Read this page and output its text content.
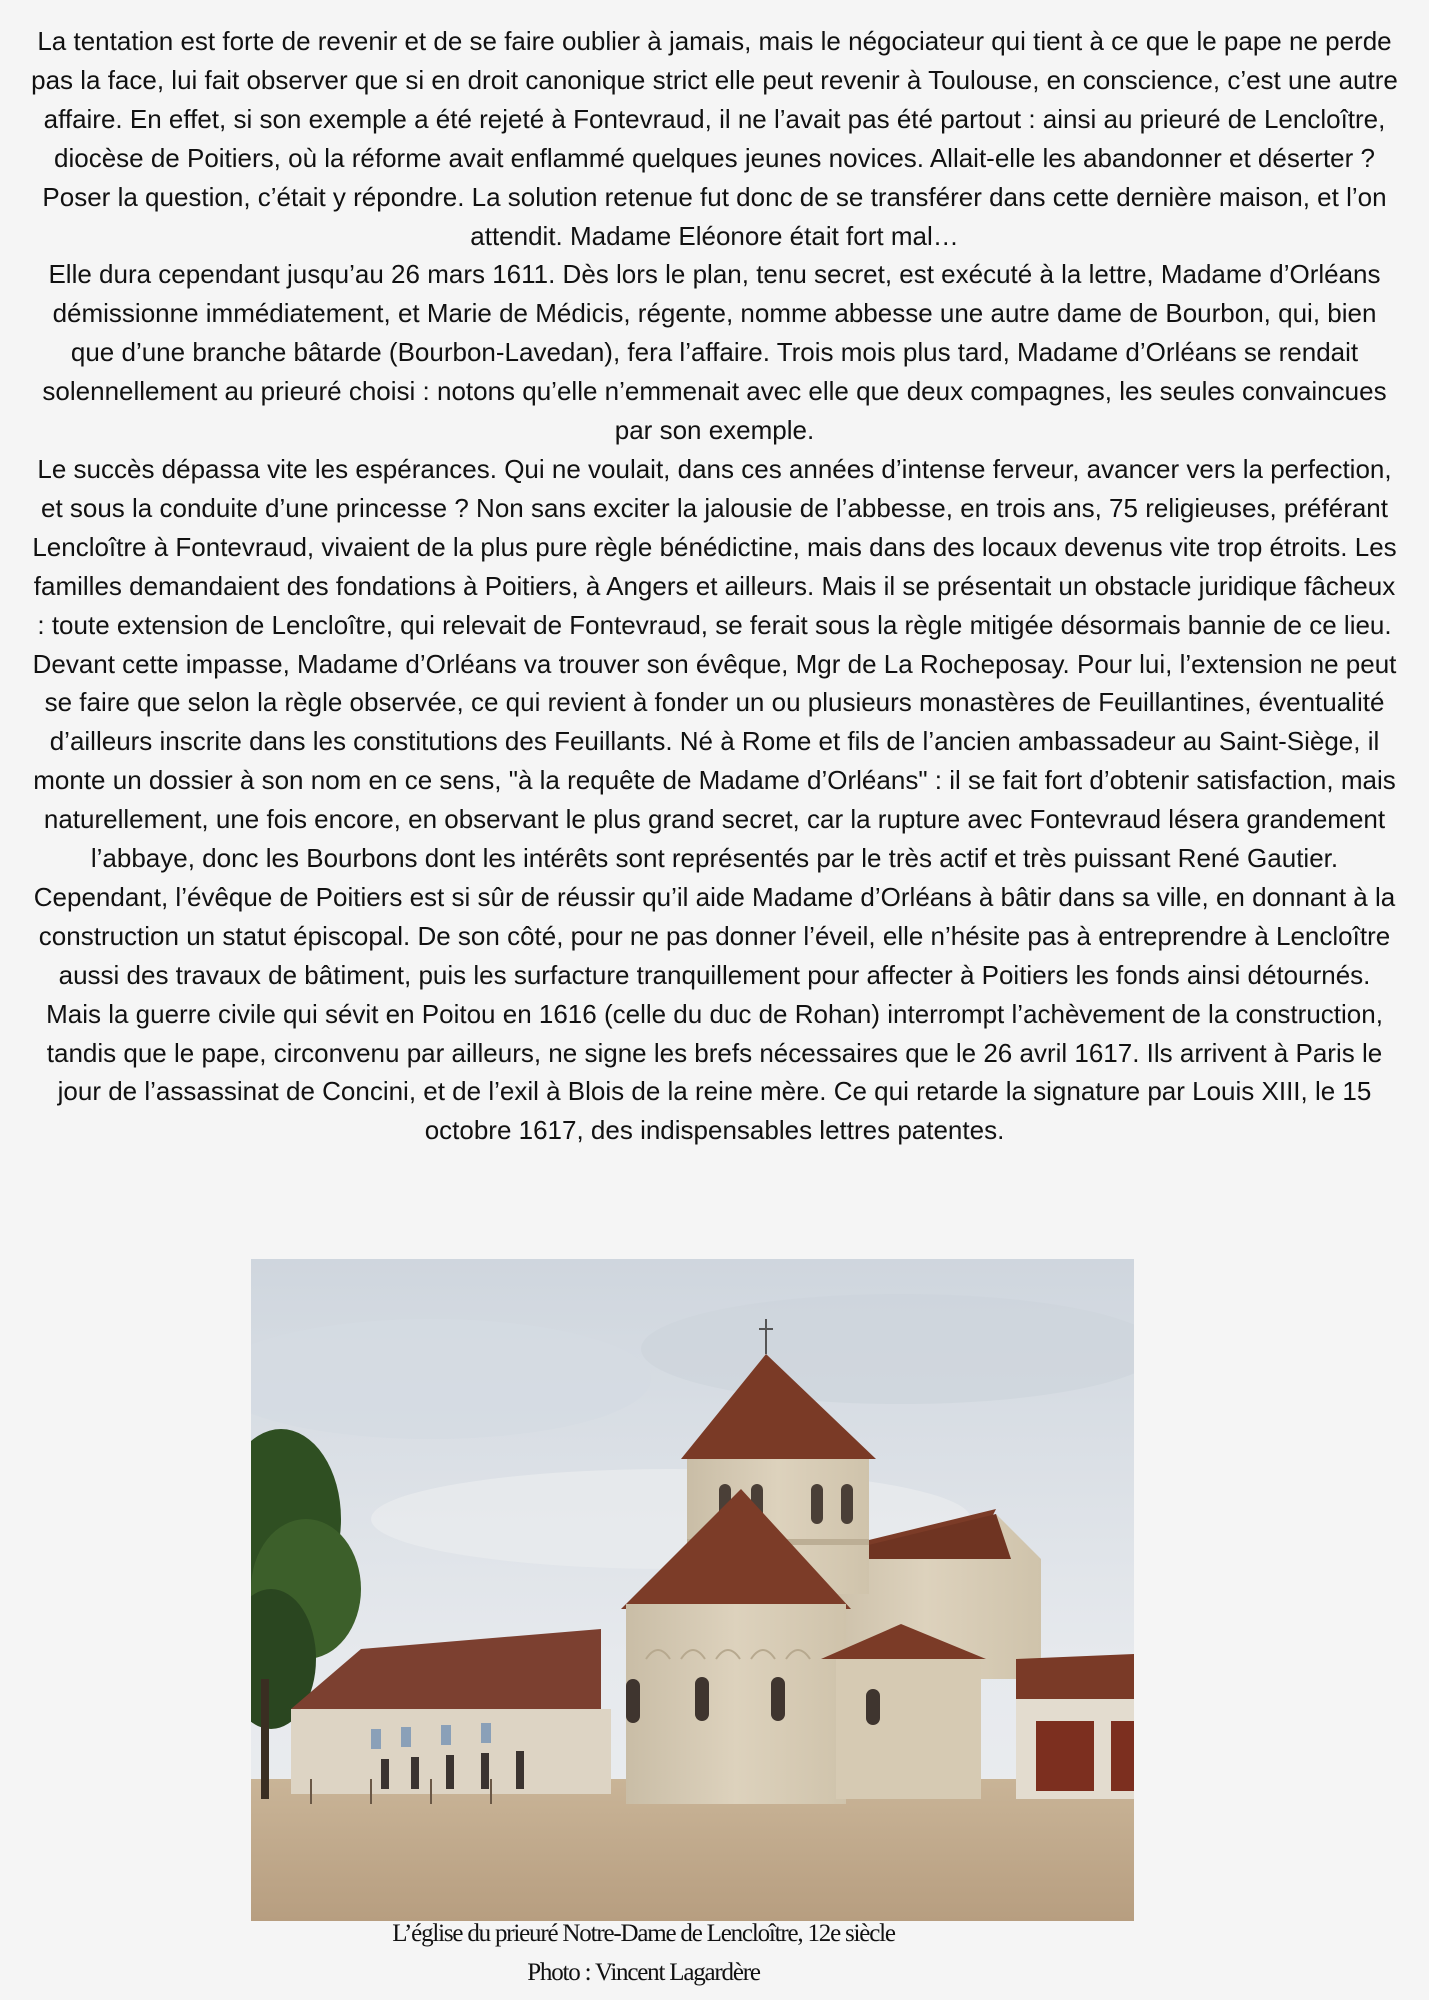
La tentation est forte de revenir et de se faire oublier à jamais, mais le négociateur qui tient à ce que le pape ne perde pas la face, lui fait observer que si en droit canonique strict elle peut revenir à Toulouse, en conscience, c’est une autre affaire. En effet, si son exemple a été rejeté à Fontevraud, il ne l’avait pas été partout : ainsi au prieuré de Lencloître, diocèse de Poitiers, où la réforme avait enflammé quelques jeunes novices. Allait-elle les abandonner et déserter ? Poser la question, c’était y répondre. La solution retenue fut donc de se transférer dans cette dernière maison, et l’on attendit. Madame Eléonore était fort mal…

Elle dura cependant jusqu’au 26 mars 1611. Dès lors le plan, tenu secret, est exécuté à la lettre, Madame d’Orléans démissionne immédiatement, et Marie de Médicis, régente, nomme abbesse une autre dame de Bourbon, qui, bien que d’une branche bâtarde (Bourbon-Lavedan), fera l’affaire. Trois mois plus tard, Madame d’Orléans se rendait solennellement au prieuré choisi : notons qu’elle n’emmenait avec elle que deux compagnes, les seules convaincues par son exemple.

Le succès dépassa vite les espérances. Qui ne voulait, dans ces années d’intense ferveur, avancer vers la perfection, et sous la conduite d’une princesse ? Non sans exciter la jalousie de l’abbesse, en trois ans, 75 religieuses, préférant Lencloître à Fontevraud, vivaient de la plus pure règle bénédictine, mais dans des locaux devenus vite trop étroits. Les familles demandaient des fondations à Poitiers, à Angers et ailleurs. Mais il se présentait un obstacle juridique fâcheux : toute extension de Lencloître, qui relevait de Fontevraud, se ferait sous la règle mitigée désormais bannie de ce lieu.

Devant cette impasse, Madame d’Orléans va trouver son évêque, Mgr de La Rocheposay. Pour lui, l’extension ne peut se faire que selon la règle observée, ce qui revient à fonder un ou plusieurs monastères de Feuillantines, éventualité d’ailleurs inscrite dans les constitutions des Feuillants. Né à Rome et fils de l’ancien ambassadeur au Saint-Siège, il monte un dossier à son nom en ce sens, "à la requête de Madame d’Orléans" : il se fait fort d’obtenir satisfaction, mais naturellement, une fois encore, en observant le plus grand secret, car la rupture avec Fontevraud lésera grandement l’abbaye, donc les Bourbons dont les intérêts sont représentés par le très actif et très puissant René Gautier.

Cependant, l’évêque de Poitiers est si sûr de réussir qu’il aide Madame d’Orléans à bâtir dans sa ville, en donnant à la construction un statut épiscopal. De son côté, pour ne pas donner l’éveil, elle n’hésite pas à entreprendre à Lencloître aussi des travaux de bâtiment, puis les surfacture tranquillement pour affecter à Poitiers les fonds ainsi détournés. Mais la guerre civile qui sévit en Poitou en 1616 (celle du duc de Rohan) interrompt l’achèvement de la construction, tandis que le pape, circonvenu par ailleurs, ne signe les brefs nécessaires que le 26 avril 1617. Ils arrivent à Paris le jour de l’assassinat de Concini, et de l’exil à Blois de la reine mère. Ce qui retarde la signature par Louis XIII, le 15 octobre 1617, des indispensables lettres patentes.

L’église du prieuré Notre-Dame de Lencloître, 12e siècle
Photo : Vincent Lagardère
